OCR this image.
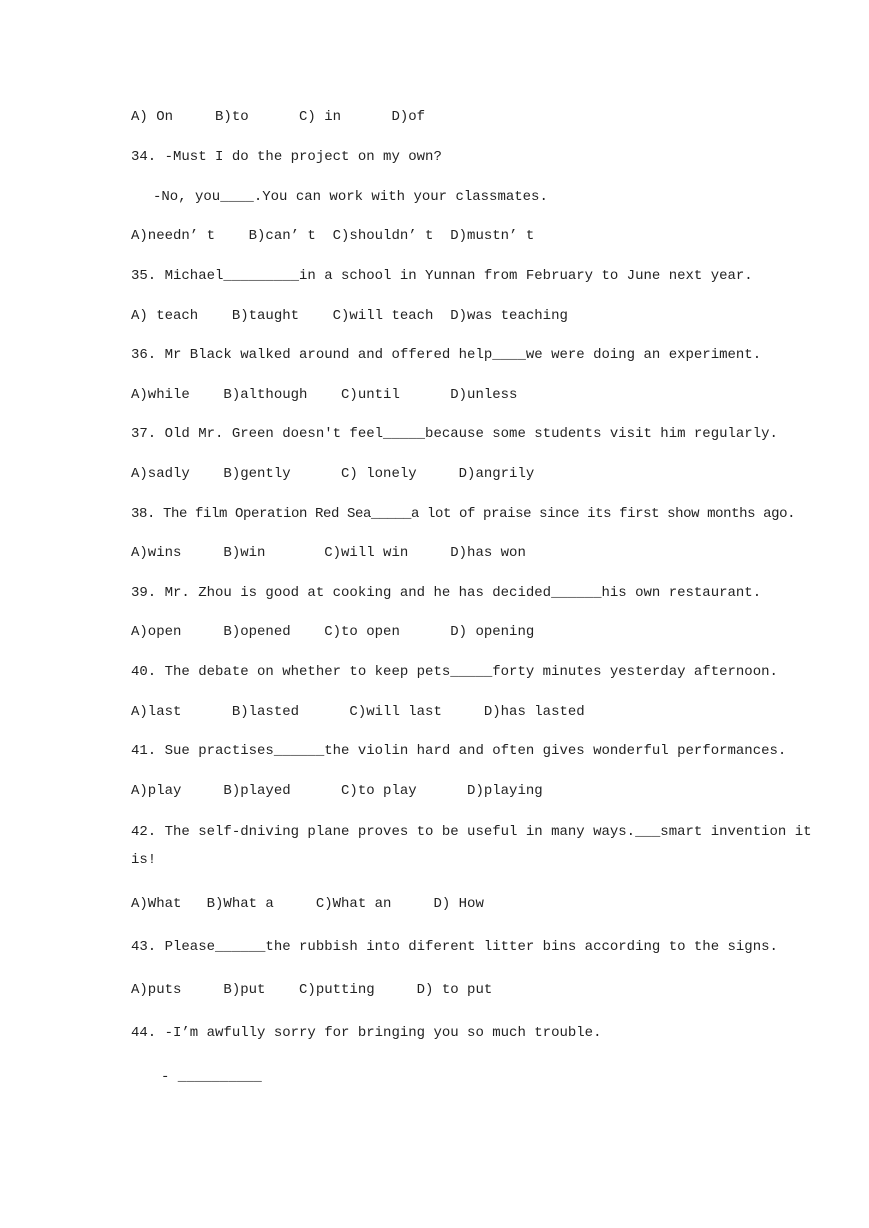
A) On     B)to      C) in      D)of
34. -Must I do the project on my own?
-No, you____.You can work with your classmates.
A)needn’ t    B)can’ t  C)shouldn’ t  D)mustn’ t
35. Michael_________in a school in Yunnan from February to June next year.
A) teach    B)taught    C)will teach  D)was teaching
36. Mr Black walked around and offered help____we were doing an experiment.
A)while    B)although    C)until      D)unless
37. Old Mr. Green doesn't feel_____because some students visit him regularly.
A)sadly    B)gently      C) lonely     D)angrily
38. The film Operation Red Sea_____a lot of praise since its first show months ago.
A)wins     B)win       C)will win     D)has won
39. Mr. Zhou is good at cooking and he has decided______his own restaurant.
A)open     B)opened    C)to open      D) opening
40. The debate on whether to keep pets_____forty minutes yesterday afternoon.
A)last      B)lasted      C)will last     D)has lasted
41. Sue practises______the violin hard and often gives wonderful performances.
A)play     B)played      C)to play      D)playing
42. The self-dniving plane proves to be useful in many ways.___smart invention it
is!
A)What   B)What a     C)What an     D) How
43. Please______the rubbish into diferent litter bins according to the signs.
A)puts     B)put    C)putting     D) to put
44. -I’m awfully sorry for bringing you so much trouble.
- __________
